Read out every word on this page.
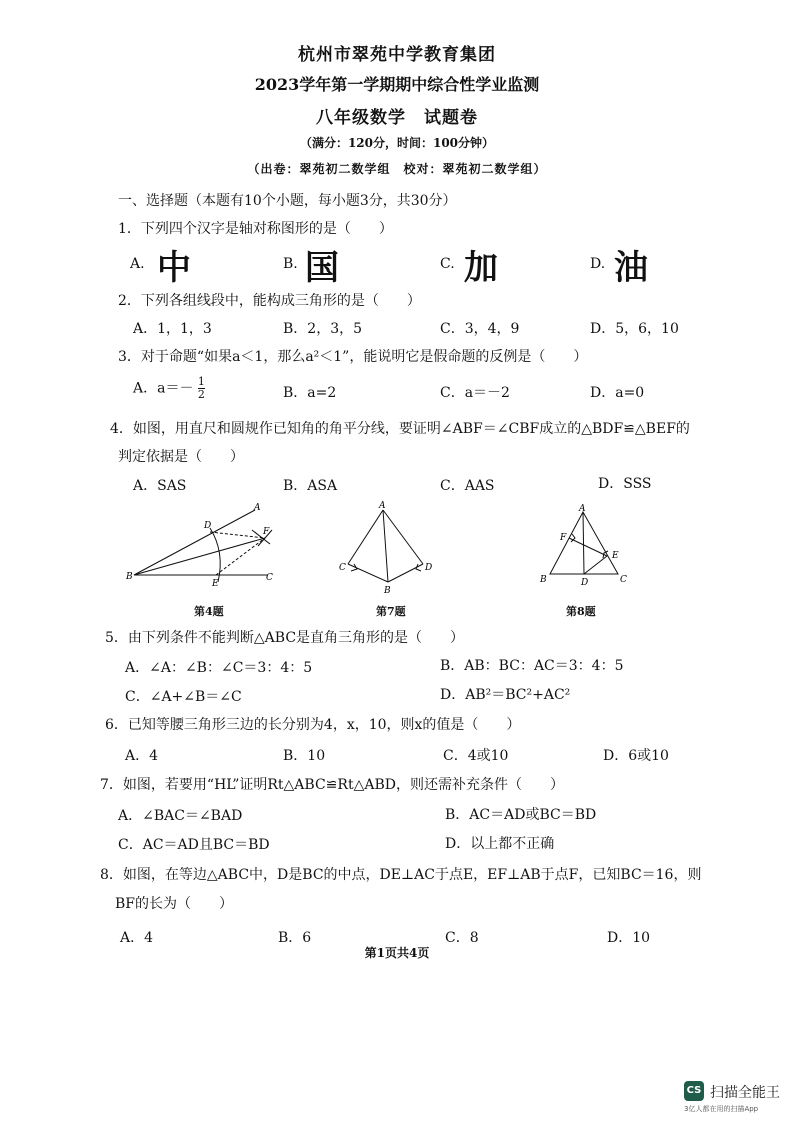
杭州市翠苑中学教育集团
2023学年第一学期期中综合性学业监测
八年级数学　试题卷
（满分：120分，时间：100分钟）
（出卷：翠苑初二数学组　校对：翠苑初二数学组）
一、选择题（本题有10个小题，每小题3分，共30分）
1．下列四个汉字是轴对称图形的是（　　）
A. 中	B. 国	C. 加	D. 油
2．下列各组线段中，能构成三角形的是（　　）
A．1，1，3	B．2，3，5	C．3，4，9	D．5，6，10
3．对于命题“如果a＜1，那么a²＜1”，能说明它是假命题的反例是（　　）
A．$a=- \frac{1}{2}$	B．a=2	C．a＝－2	D．a=0
4．如图，用直尺和圆规作已知角的角平分线，要证明∠ABF＝∠CBF成立的△BDF≌△BEF的
判定依据是（　　）
A．SAS	B．ASA	C．AAS	D．SSS
A
B	C
D
E
F
第4题
A
B
C	D
第7题
A
B	C
D
E
F
第8题
5．由下列条件不能判断△ABC是直角三角形的是（　　）
A．∠A：∠B：∠C＝3：4：5	B．AB：BC：AC＝3：4：5
C．∠A+∠B＝∠C	D．AB²＝BC²+AC²
6．已知等腰三角形三边的长分别为4，x，10，则x的值是（　　）
A．4	B．10	C．4或10	D．6或10
7．如图，若要用“HL”证明Rt△ABC≌Rt△ABD，则还需补充条件（　　）
A．∠BAC＝∠BAD	B．AC＝AD或BC＝BD
C．AC＝AD且BC＝BD	D．以上都不正确
8．如图，在等边△ABC中，D是BC的中点，DE⊥AC于点E，EF⊥AB于点F，已知BC＝16，则
BF的长为（　　）
A．4	B．6	C．8	D．10
第1页共4页
CS 扫描全能王
3亿人都在用的扫描App
